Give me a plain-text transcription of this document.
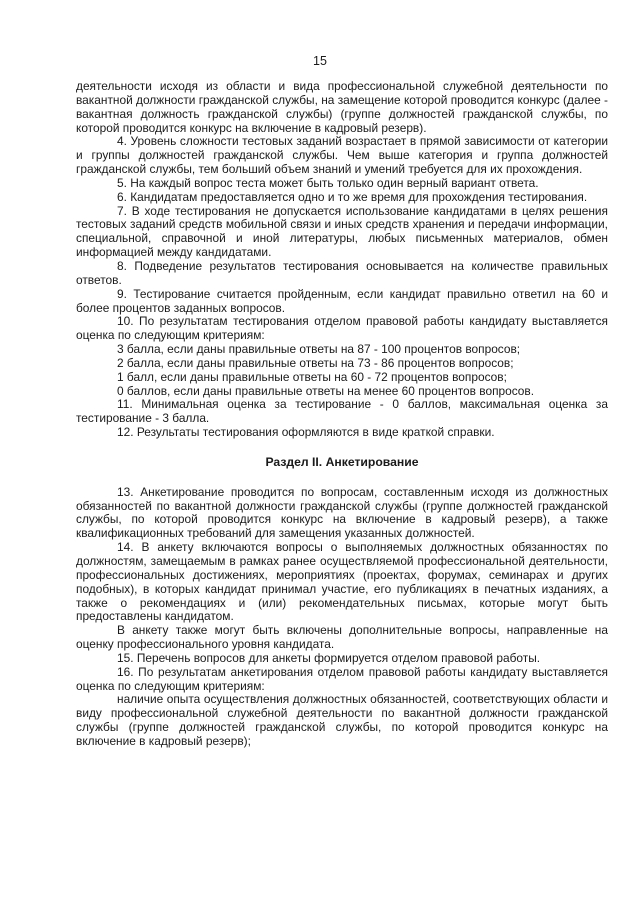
15

деятельности исходя из области и вида профессиональной служебной деятельности по вакантной должности гражданской службы, на замещение которой проводится конкурс (далее - вакантная должность гражданской службы) (группе должностей гражданской службы, по которой проводится конкурс на включение в кадровый резерв).

4. Уровень сложности тестовых заданий возрастает в прямой зависимости от категории и группы должностей гражданской службы. Чем выше категория и группа должностей гражданской службы, тем больший объем знаний и умений требуется для их прохождения.

5. На каждый вопрос теста может быть только один верный вариант ответа.

6. Кандидатам предоставляется одно и то же время для прохождения тестирования.

7. В ходе тестирования не допускается использование кандидатами в целях решения тестовых заданий средств мобильной связи и иных средств хранения и передачи информации, специальной, справочной и иной литературы, любых письменных материалов, обмен информацией между кандидатами.

8. Подведение результатов тестирования основывается на количестве правильных ответов.

9. Тестирование считается пройденным, если кандидат правильно ответил на 60 и более процентов заданных вопросов.

10. По результатам тестирования отделом правовой работы кандидату выставляется оценка по следующим критериям:

3 балла, если даны правильные ответы на 87 - 100 процентов вопросов;

2 балла, если даны правильные ответы на 73 - 86 процентов вопросов;

1 балл, если даны правильные ответы на 60 - 72 процентов вопросов;

0 баллов, если даны правильные ответы на менее 60 процентов вопросов.

11. Минимальная оценка за тестирование - 0 баллов, максимальная оценка за тестирование - 3 балла.

12. Результаты тестирования оформляются в виде краткой справки.

Раздел II. Анкетирование

13. Анкетирование проводится по вопросам, составленным исходя из должностных обязанностей по вакантной должности гражданской службы (группе должностей гражданской службы, по которой проводится конкурс на включение в кадровый резерв), а также квалификационных требований для замещения указанных должностей.

14. В анкету включаются вопросы о выполняемых должностных обязанностях по должностям, замещаемым в рамках ранее осуществляемой профессиональной деятельности, профессиональных достижениях, мероприятиях (проектах, форумах, семинарах и других подобных), в которых кандидат принимал участие, его публикациях в печатных изданиях, а также о рекомендациях и (или) рекомендательных письмах, которые могут быть предоставлены кандидатом.

В анкету также могут быть включены дополнительные вопросы, направленные на оценку профессионального уровня кандидата.

15. Перечень вопросов для анкеты формируется отделом правовой работы.

16. По результатам анкетирования отделом правовой работы кандидату выставляется оценка по следующим критериям:

наличие опыта осуществления должностных обязанностей, соответствующих области и виду профессиональной служебной деятельности по вакантной должности гражданской службы (группе должностей гражданской службы, по которой проводится конкурс на включение в кадровый резерв);
